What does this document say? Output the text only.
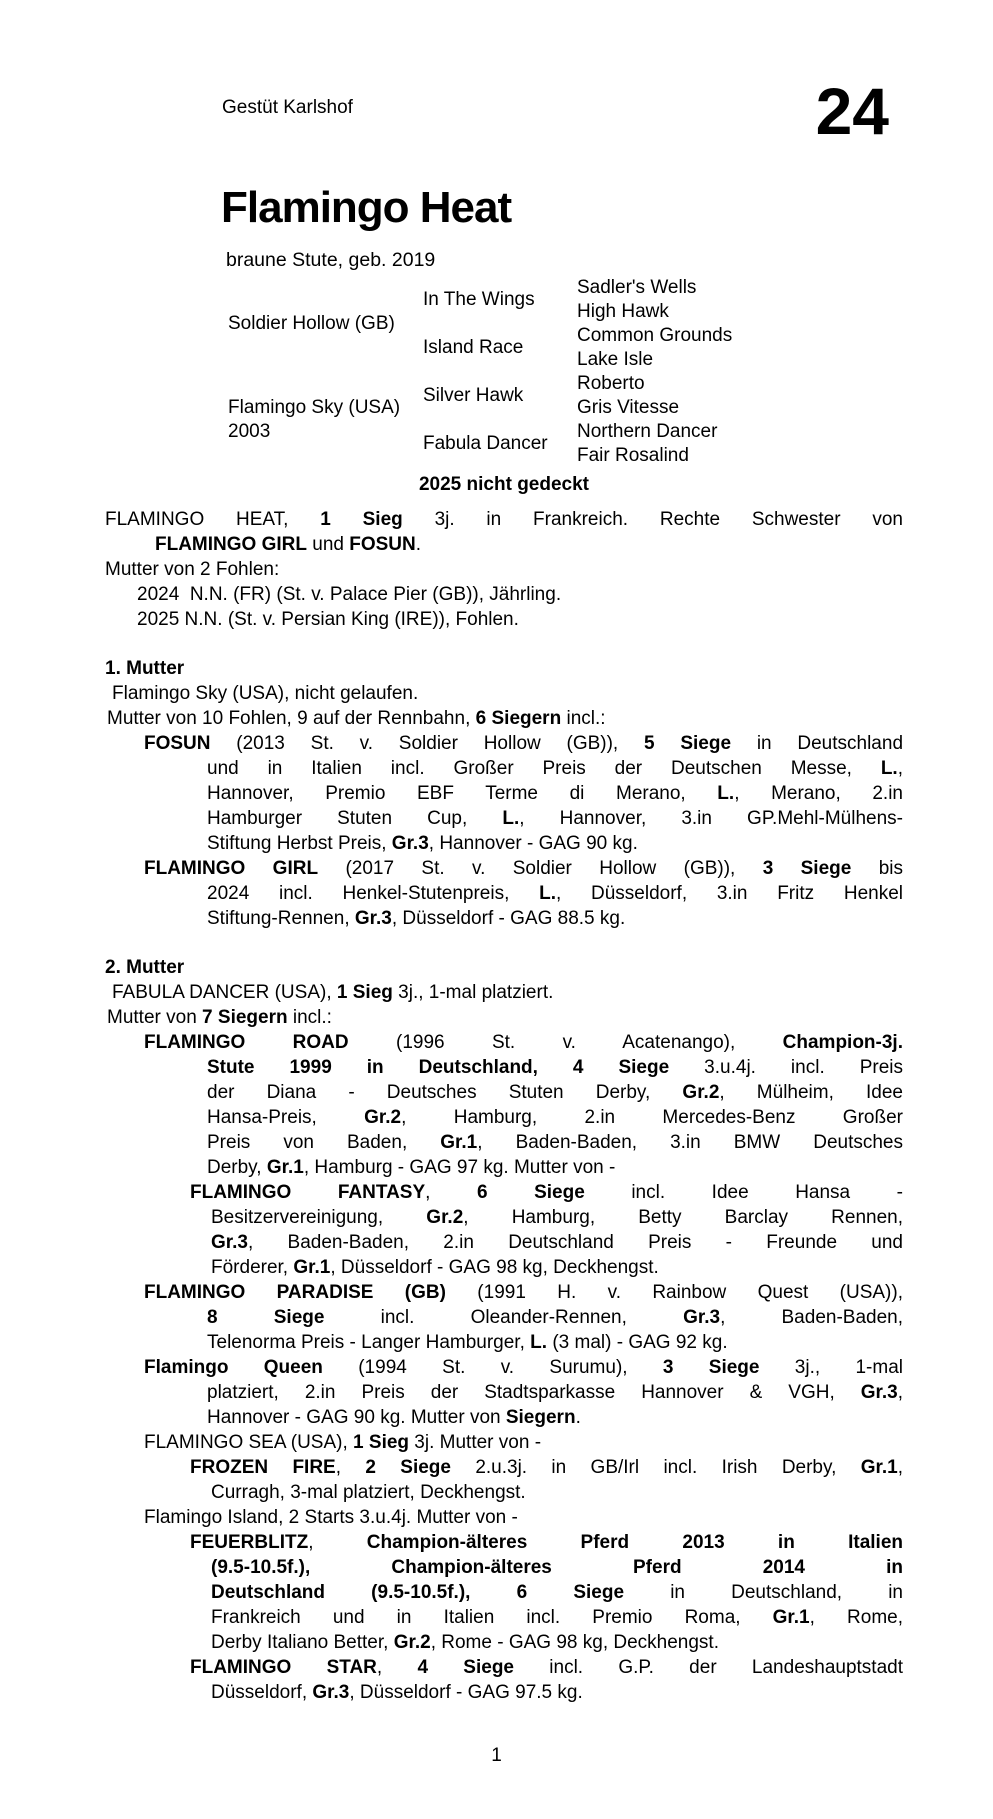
Gestüt Karlshof	24
Flamingo Heat
braune Stute, geb. 2019
Soldier Hollow (GB)
Flamingo Sky (USA)
2003
In The Wings
Island Race
Silver Hawk
Fabula Dancer
Sadler's Wells
High Hawk
Common Grounds
Lake Isle
Roberto
Gris Vitesse
Northern Dancer
Fair Rosalind
2025 nicht gedeckt
FLAMINGO HEAT, 1 Sieg 3j. in Frankreich. Rechte Schwester von
FLAMINGO GIRL und FOSUN.
Mutter von 2 Fohlen:
2024  N.N. (FR) (St. v. Palace Pier (GB)), Jährling.
2025 N.N. (St. v. Persian King (IRE)), Fohlen.
1. Mutter
Flamingo Sky (USA), nicht gelaufen.
Mutter von 10 Fohlen, 9 auf der Rennbahn, 6 Siegern incl.:
FOSUN (2013 St. v. Soldier Hollow (GB)), 5 Siege in Deutschland
und in Italien incl. Großer Preis der Deutschen Messe, L.,
Hannover, Premio EBF Terme di Merano, L., Merano, 2.in
Hamburger Stuten Cup, L., Hannover, 3.in GP.Mehl-Mülhens-
Stiftung Herbst Preis, Gr.3, Hannover - GAG 90 kg.
FLAMINGO GIRL (2017 St. v. Soldier Hollow (GB)), 3 Siege bis
2024 incl. Henkel-Stutenpreis, L., Düsseldorf, 3.in Fritz Henkel
Stiftung-Rennen, Gr.3, Düsseldorf - GAG 88.5 kg.
2. Mutter
FABULA DANCER (USA), 1 Sieg 3j., 1-mal platziert.
Mutter von 7 Siegern incl.:
FLAMINGO ROAD (1996 St. v. Acatenango), Champion-3j.
Stute 1999 in Deutschland, 4 Siege 3.u.4j. incl. Preis
der Diana - Deutsches Stuten Derby, Gr.2, Mülheim, Idee
Hansa-Preis, Gr.2, Hamburg, 2.in Mercedes-Benz Großer
Preis von Baden, Gr.1, Baden-Baden, 3.in BMW Deutsches
Derby, Gr.1, Hamburg - GAG 97 kg. Mutter von -
FLAMINGO FANTASY, 6 Siege incl. Idee Hansa -
Besitzervereinigung, Gr.2, Hamburg, Betty Barclay Rennen,
Gr.3, Baden-Baden, 2.in Deutschland Preis - Freunde und
Förderer, Gr.1, Düsseldorf - GAG 98 kg, Deckhengst.
FLAMINGO PARADISE (GB) (1991 H. v. Rainbow Quest (USA)),
8 Siege incl. Oleander-Rennen, Gr.3, Baden-Baden,
Telenorma Preis - Langer Hamburger, L. (3 mal) - GAG 92 kg.
Flamingo Queen (1994 St. v. Surumu), 3 Siege 3j., 1-mal
platziert, 2.in Preis der Stadtsparkasse Hannover & VGH, Gr.3,
Hannover - GAG 90 kg. Mutter von Siegern.
FLAMINGO SEA (USA), 1 Sieg 3j. Mutter von -
FROZEN FIRE, 2 Siege 2.u.3j. in GB/Irl incl. Irish Derby, Gr.1,
Curragh, 3-mal platziert, Deckhengst.
Flamingo Island, 2 Starts 3.u.4j. Mutter von -
FEUERBLITZ, Champion-älteres Pferd 2013 in Italien
(9.5-10.5f.), Champion-älteres Pferd 2014 in
Deutschland (9.5-10.5f.), 6 Siege in Deutschland, in
Frankreich und in Italien incl. Premio Roma, Gr.1, Rome,
Derby Italiano Better, Gr.2, Rome - GAG 98 kg, Deckhengst.
FLAMINGO STAR, 4 Siege incl. G.P. der Landeshauptstadt
Düsseldorf, Gr.3, Düsseldorf - GAG 97.5 kg.
1
